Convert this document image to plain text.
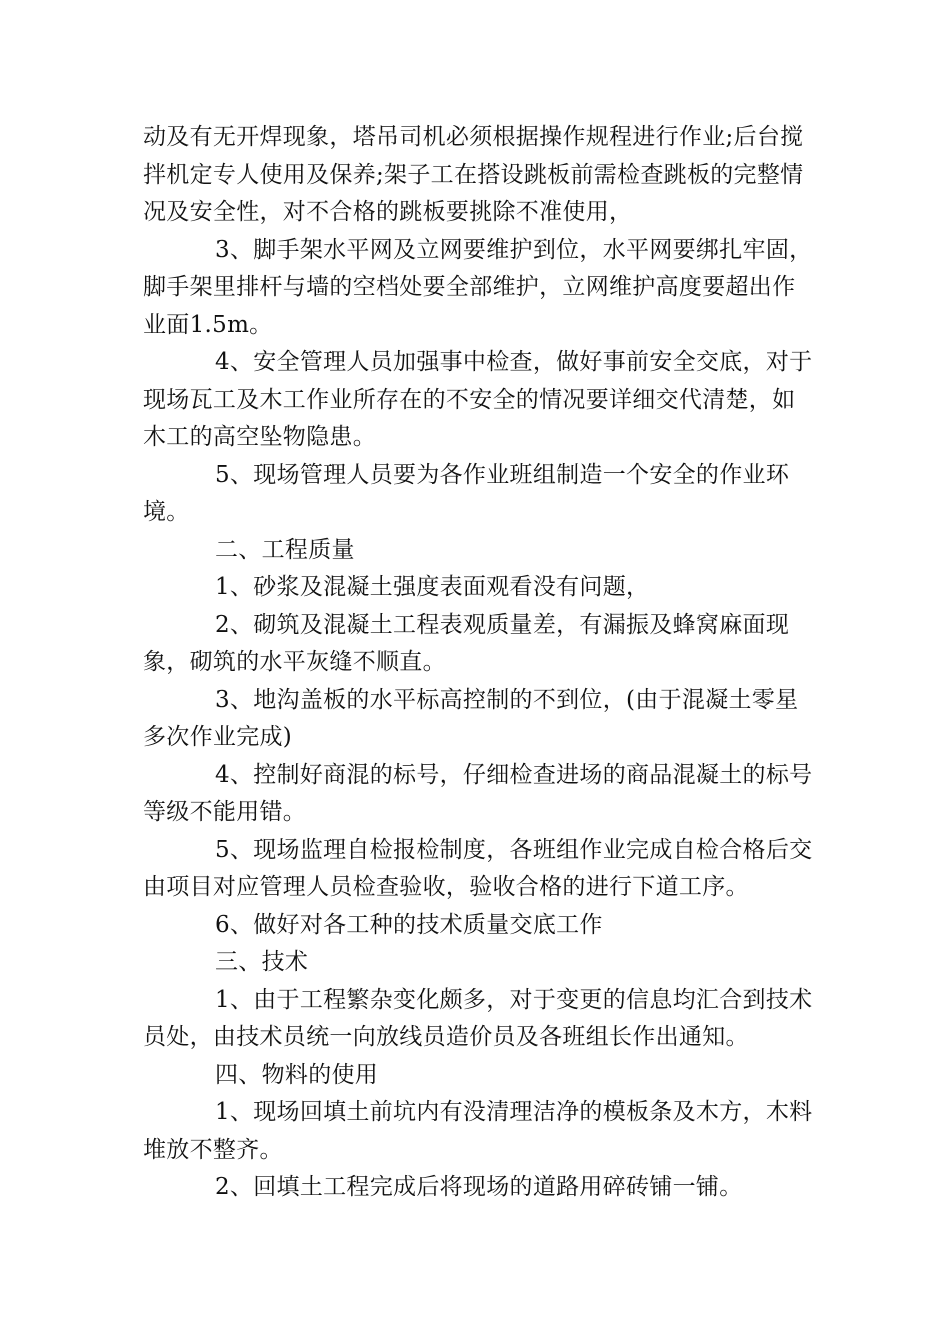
动及有无开焊现象，塔吊司机必须根据操作规程进行作业;后台搅拌机定专人使用及保养;架子工在搭设跳板前需检查跳板的完整情况及安全性，对不合格的跳板要挑除不准使用，

3、脚手架水平网及立网要维护到位，水平网要绑扎牢固，脚手架里排杆与墙的空档处要全部维护，立网维护高度要超出作业面1.5m。

4、安全管理人员加强事中检查，做好事前安全交底，对于现场瓦工及木工作业所存在的不安全的情况要详细交代清楚，如木工的高空坠物隐患。

5、现场管理人员要为各作业班组制造一个安全的作业环境。

二、工程质量

1、砂浆及混凝土强度表面观看没有问题，

2、砌筑及混凝土工程表观质量差，有漏振及蜂窝麻面现象，砌筑的水平灰缝不顺直。

3、地沟盖板的水平标高控制的不到位，(由于混凝土零星多次作业完成)

4、控制好商混的标号，仔细检查进场的商品混凝土的标号等级不能用错。

5、现场监理自检报检制度，各班组作业完成自检合格后交由项目对应管理人员检查验收，验收合格的进行下道工序。

6、做好对各工种的技术质量交底工作

三、技术

1、由于工程繁杂变化颇多，对于变更的信息均汇合到技术员处，由技术员统一向放线员造价员及各班组长作出通知。

四、物料的使用

1、现场回填土前坑内有没清理洁净的模板条及木方，木料堆放不整齐。

2、回填土工程完成后将现场的道路用碎砖铺一铺。
